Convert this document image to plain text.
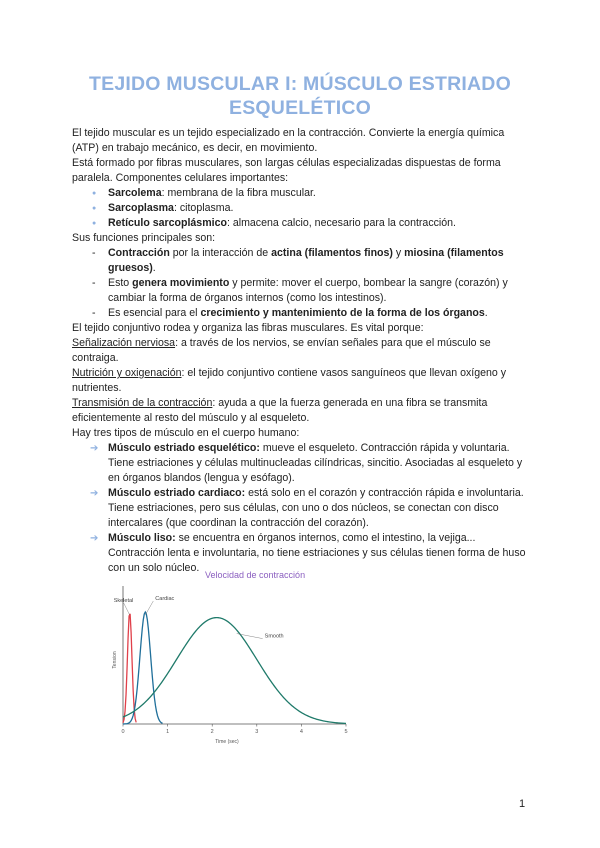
TEJIDO MUSCULAR I: MÚSCULO ESTRIADO ESQUELÉTICO

El tejido muscular es un tejido especializado en la contracción. Convierte la energía química (ATP) en trabajo mecánico, es decir, en movimiento.

Está formado por fibras musculares, son largas células especializadas dispuestas de forma paralela. Componentes celulares importantes:

● Sarcolema: membrana de la fibra muscular.
● Sarcoplasma: citoplasma.
● Retículo sarcoplásmico: almacena calcio, necesario para la contracción.

Sus funciones principales son:

- Contracción por la interacción de actina (filamentos finos) y miosina (filamentos gruesos).
- Esto genera movimiento y permite: mover el cuerpo, bombear la sangre (corazón) y cambiar la forma de órganos internos (como los intestinos).
- Es esencial para el crecimiento y mantenimiento de la forma de los órganos.

El tejido conjuntivo rodea y organiza las fibras musculares. Es vital porque:

Señalización nerviosa: a través de los nervios, se envían señales para que el músculo se contraiga.

Nutrición y oxigenación: el tejido conjuntivo contiene vasos sanguíneos que llevan oxígeno y nutrientes.

Transmisión de la contracción: ayuda a que la fuerza generada en una fibra se transmita eficientemente al resto del músculo y al esqueleto.

Hay tres tipos de músculo en el cuerpo humano:

➔ Músculo estriado esquelético: mueve el esqueleto. Contracción rápida y voluntaria. Tiene estriaciones y células multinucleadas cilíndricas, sincitio. Asociadas al esqueleto y en órganos blandos (lengua y esófago).
➔ Músculo estriado cardiaco: está solo en el corazón y contracción rápida e involuntaria. Tiene estriaciones, pero sus células, con uno o dos núcleos, se conectan con disco intercalares (que coordinan la contracción del corazón).
➔ Músculo liso: se encuentra en órganos internos, como el intestino, la vejiga... Contracción lenta e involuntaria, no tiene estriaciones y sus células tienen forma de huso con un solo núcleo.
Velocidad de contracción
Tension
Time (sec)
0	1	2	3	4	5
Skeletal	Cardiac
Smooth
1
